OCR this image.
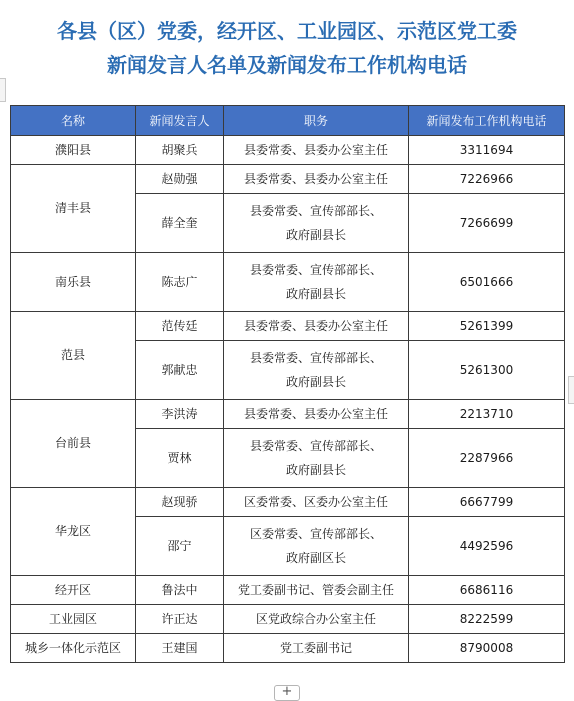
各县（区）党委，经开区、工业园区、示范区党工委
新闻发言人名单及新闻发布工作机构电话
名称	新闻发言人	职务	新闻发布工作机构电话
濮阳县	胡聚兵	县委常委、县委办公室主任	3311694
清丰县	赵勋强	县委常委、县委办公室主任	7226966
	薛全奎	县委常委、宣传部部长、
政府副县长	7266699
南乐县	陈志广	县委常委、宣传部部长、
政府副县长	6501666
范县	范传廷	县委常委、县委办公室主任	5261399
	郭献忠	县委常委、宣传部部长、
政府副县长	5261300
台前县	李洪涛	县委常委、县委办公室主任	2213710
	贾林	县委常委、宣传部部长、
政府副县长	2287966
华龙区	赵现骄	区委常委、区委办公室主任	6667799
	邵宁	区委常委、宣传部部长、
政府副区长	4492596
经开区	鲁法中	党工委副书记、管委会副主任	6686116
工业园区	许正达	区党政综合办公室主任	8222599
城乡一体化示范区	王建国	党工委副书记	8790008
+
